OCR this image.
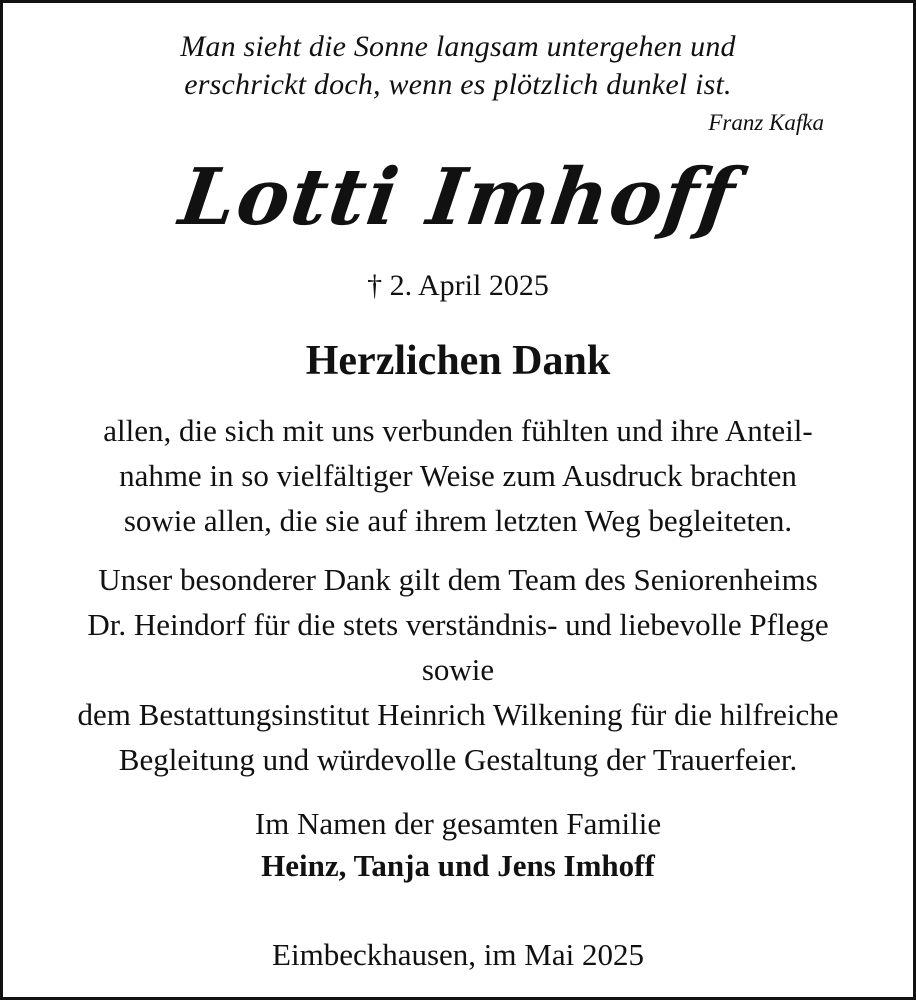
Man sieht die Sonne langsam untergehen und
erschrickt doch, wenn es plötzlich dunkel ist.
Franz Kafka
Lotti Imhoff
† 2. April 2025
Herzlichen Dank
allen, die sich mit uns verbunden fühlten und ihre Anteil-
nahme in so vielfältiger Weise zum Ausdruck brachten
sowie allen, die sie auf ihrem letzten Weg begleiteten.
Unser besonderer Dank gilt dem Team des Seniorenheims
Dr. Heindorf für die stets verständnis- und liebevolle Pflege
sowie
dem Bestattungsinstitut Heinrich Wilkening für die hilfreiche
Begleitung und würdevolle Gestaltung der Trauerfeier.
Im Namen der gesamten Familie
Heinz, Tanja und Jens Imhoff
Eimbeckhausen, im Mai 2025
